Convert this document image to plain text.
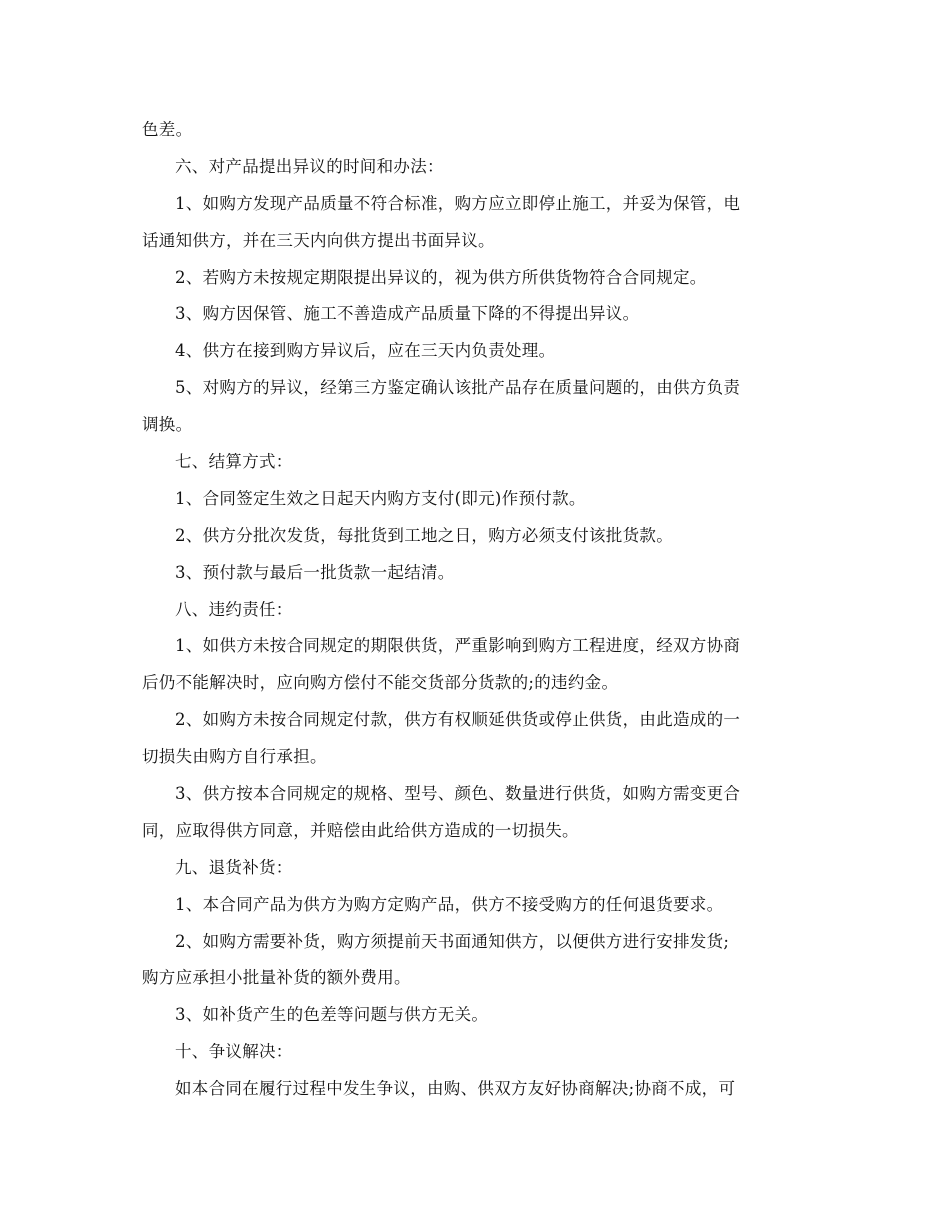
色差。
六、对产品提出异议的时间和办法：
1、如购方发现产品质量不符合标准，购方应立即停止施工，并妥为保管，电
话通知供方，并在三天内向供方提出书面异议。
2、若购方未按规定期限提出异议的，视为供方所供货物符合合同规定。
3、购方因保管、施工不善造成产品质量下降的不得提出异议。
4、供方在接到购方异议后，应在三天内负责处理。
5、对购方的异议，经第三方鉴定确认该批产品存在质量问题的，由供方负责
调换。
七、结算方式：
1、合同签定生效之日起天内购方支付(即元)作预付款。
2、供方分批次发货，每批货到工地之日，购方必须支付该批货款。
3、预付款与最后一批货款一起结清。
八、违约责任：
1、如供方未按合同规定的期限供货，严重影响到购方工程进度，经双方协商
后仍不能解决时，应向购方偿付不能交货部分货款的;的违约金。
2、如购方未按合同规定付款，供方有权顺延供货或停止供货，由此造成的一
切损失由购方自行承担。
3、供方按本合同规定的规格、型号、颜色、数量进行供货，如购方需变更合
同，应取得供方同意，并赔偿由此给供方造成的一切损失。
九、退货补货：
1、本合同产品为供方为购方定购产品，供方不接受购方的任何退货要求。
2、如购方需要补货，购方须提前天书面通知供方，以便供方进行安排发货;
购方应承担小批量补货的额外费用。
3、如补货产生的色差等问题与供方无关。
十、争议解决：
如本合同在履行过程中发生争议，由购、供双方友好协商解决;协商不成，可
